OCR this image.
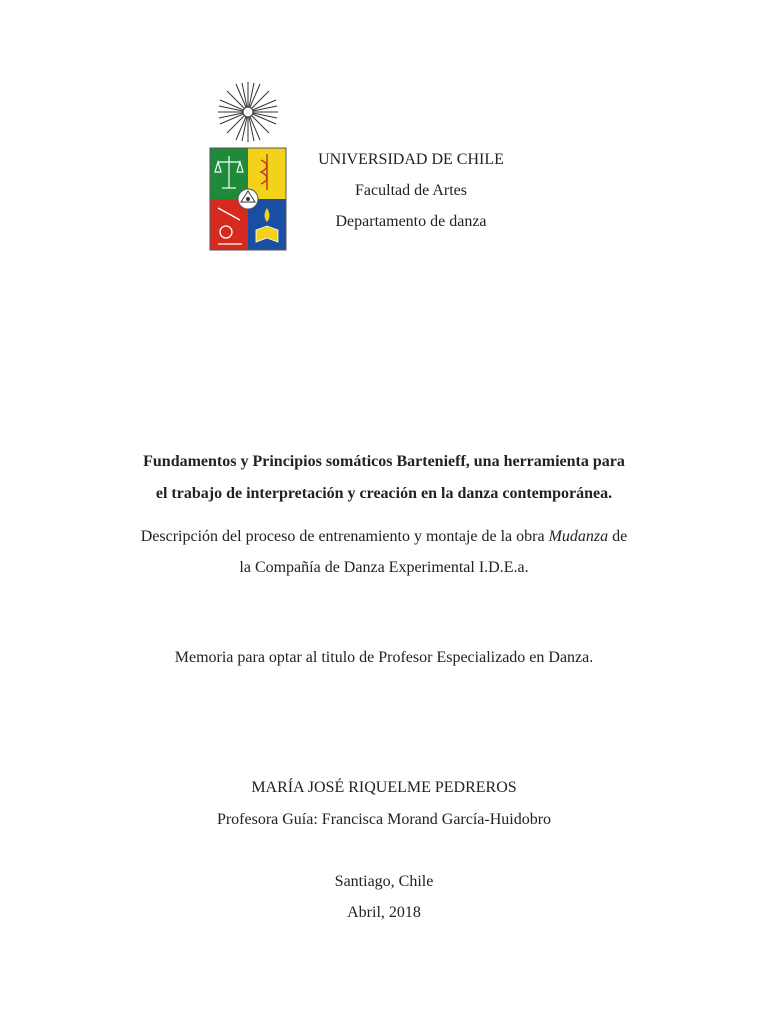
UNIVERSIDAD DE CHILE
Facultad de Artes
Departamento de danza
Fundamentos y Principios somáticos Bartenieff, una herramienta para
el trabajo de interpretación y creación en la danza contemporánea.
Descripción del proceso de entrenamiento y montaje de la obra Mudanza de
la Compañía de Danza Experimental I.D.E.a.
Memoria para optar al titulo de Profesor Especializado en Danza.
MARÍA JOSÉ RIQUELME PEDREROS
Profesora Guía: Francisca Morand García-Huidobro
Santiago, Chile
Abril, 2018
